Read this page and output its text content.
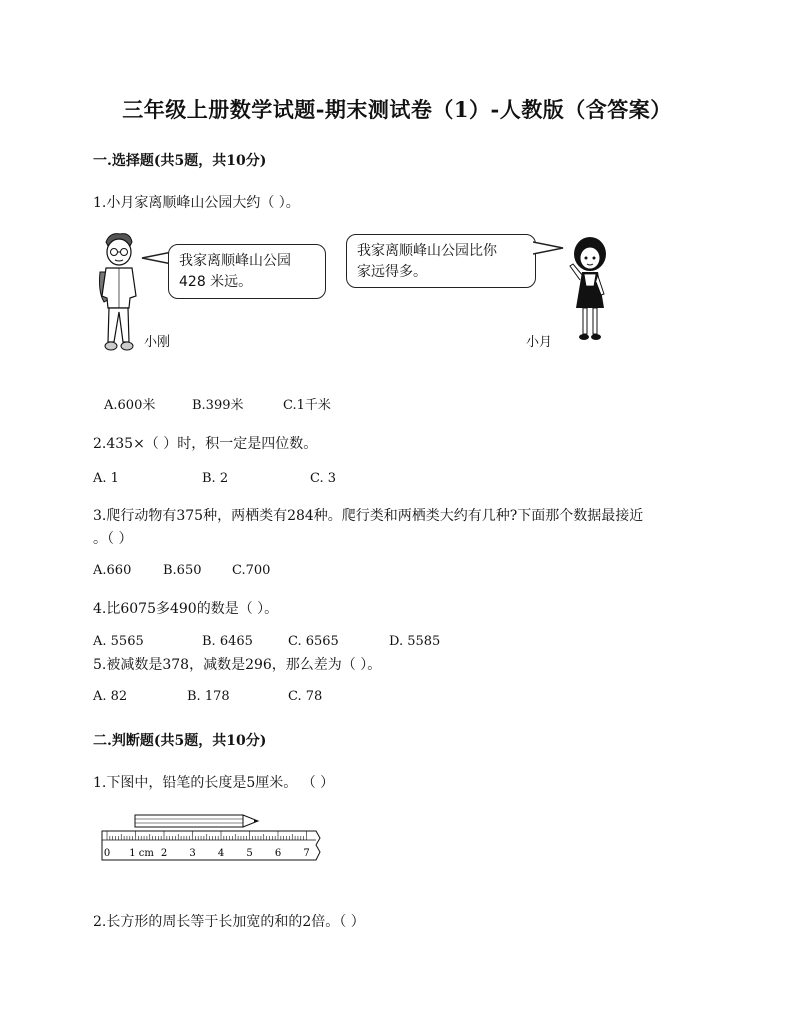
三年级上册数学试题-期末测试卷（1）-人教版（含答案）
一.选择题(共5题，共10分)
1.小月家离顺峰山公园大约（ ）。
我家离顺峰山公园
428 米远。
小刚
我家离顺峰山公园比你
家远得多。
小月
A.600米	B.399米	C.1千米
2.435×（ ）时，积一定是四位数。
A. 1	B. 2	C. 3
3.爬行动物有375种，两栖类有284种。爬行类和两栖类大约有几种?下面那个数据最接近
。（ ）
A.660 B.650 C.700
4.比6075多490的数是（ ）。
A. 5565	B. 6465	C. 6565	D. 5585
5.被减数是378，减数是296，那么差为（ ）。
A. 82	B. 178	C. 78
二.判断题(共5题，共10分)
1.下图中，铅笔的长度是5厘米。 （ ）
0 1 cm 2 3 4 5 6 7
2.长方形的周长等于长加宽的和的2倍。（ ）
